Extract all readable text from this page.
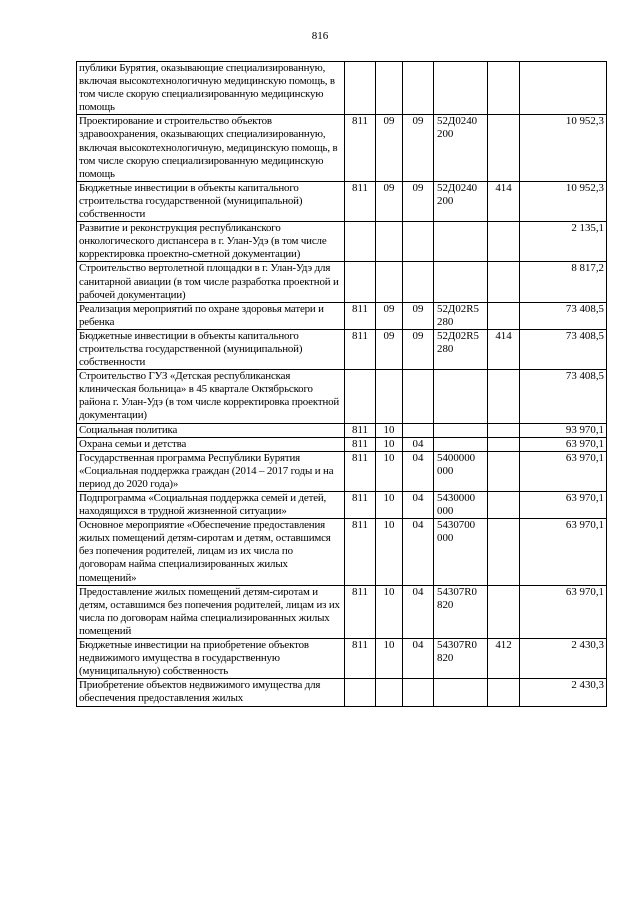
816
публики Бурятия, оказывающие специализированную, включая высокотехнологичную медицинскую помощь, в том числе скорую специализированную медицинскую помощь						
Проектирование и строительство объектов здравоохранения, оказывающих специализированную, включая высокотехнологичную, медицинскую помощь, в том числе скорую специализированную медицинскую помощь	811	09	09	52Д0240 200		10 952,3
Бюджетные инвестиции в объекты капитального строительства государственной (муниципальной) собственности	811	09	09	52Д0240 200	414	10 952,3
Развитие и реконструкция республиканского онкологического диспансера в г. Улан-Удэ (в том числе корректировка проектно-сметной документации)						2 135,1
Строительство вертолетной площадки в г. Улан-Удэ для санитарной авиации (в том числе разработка проектной и рабочей документации)						8 817,2
Реализация мероприятий по охране здоровья матери и ребенка	811	09	09	52Д02R5 280		73 408,5
Бюджетные инвестиции в объекты капитального строительства государственной (муниципальной) собственности	811	09	09	52Д02R5 280	414	73 408,5
Строительство ГУЗ «Детская республиканская клиническая больница» в 45 квартале Октябрьского района г. Улан-Удэ (в том числе корректировка проектной документации)						73 408,5
Социальная политика	811	10				93 970,1
Охрана семьи и детства	811	10	04			63 970,1
Государственная программа Республики Бурятия «Социальная поддержка граждан (2014 – 2017 годы и на период до 2020 года)»	811	10	04	5400000 000		63 970,1
Подпрограмма «Социальная поддержка семей и детей, находящихся в трудной жизненной ситуации»	811	10	04	5430000 000		63 970,1
Основное мероприятие «Обеспечение предоставления жилых помещений детям-сиротам и детям, оставшимся без попечения родителей, лицам из их числа по договорам найма специализированных жилых помещений»	811	10	04	5430700 000		63 970,1
Предоставление жилых помещений детям-сиротам и детям, оставшимся без попечения родителей, лицам из их числа по договорам найма специализированных жилых помещений	811	10	04	54307R0 820		63 970,1
Бюджетные инвестиции на приобретение объектов недвижимого имущества в государственную (муниципальную) собственность	811	10	04	54307R0 820	412	2 430,3
Приобретение объектов недвижимого имущества для обеспечения предоставления жилых						2 430,3
